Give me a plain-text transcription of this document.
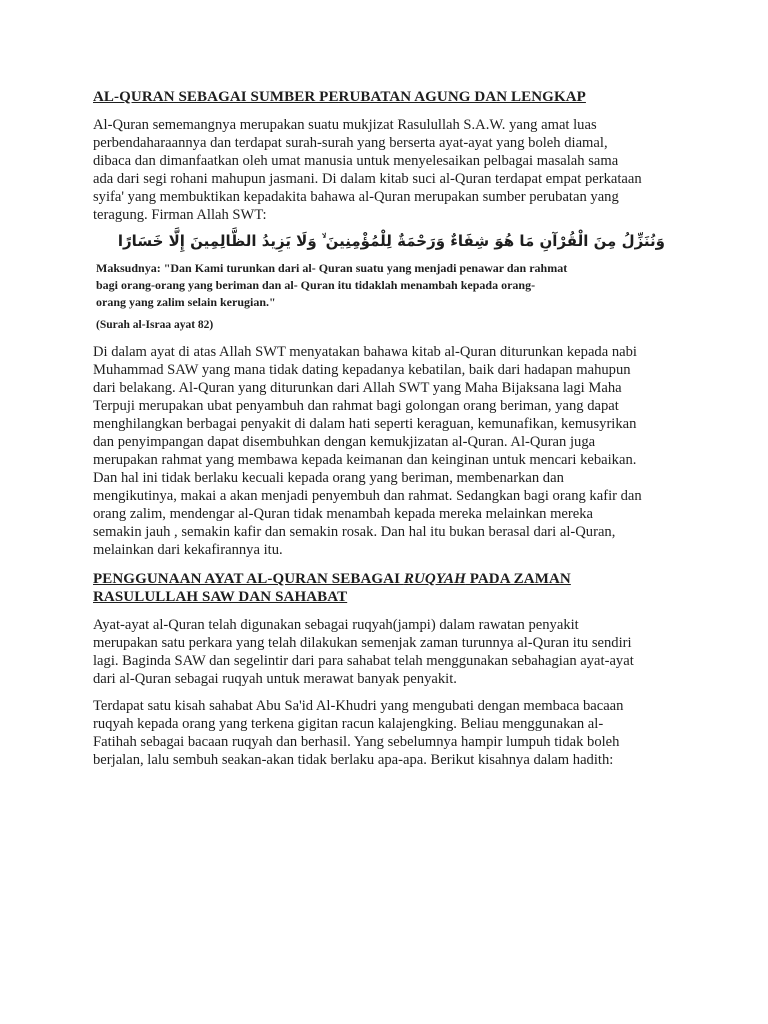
AL-QURAN SEBAGAI SUMBER PERUBATAN AGUNG DAN LENGKAP
Al-Quran sememangnya merupakan suatu mukjizat Rasulullah S.A.W. yang amat luas
perbendaharaannya dan terdapat surah-surah yang berserta ayat-ayat yang boleh diamal,
dibaca dan dimanfaatkan oleh umat manusia untuk menyelesaikan pelbagai masalah sama
ada dari segi rohani mahupun jasmani. Di dalam kitab suci al-Quran terdapat empat perkataan
syifa' yang membuktikan kepadakita bahawa al-Quran merupakan sumber perubatan yang
teragung. Firman Allah SWT:
وَنُنَزِّلُ مِنَ الْقُرْآنِ مَا هُوَ شِفَاءٌ وَرَحْمَةٌ لِلْمُؤْمِنِينَ ۙ وَلَا يَزِيدُ الظَّالِمِينَ إِلَّا خَسَارًا
Maksudnya: "Dan Kami turunkan dari al- Quran suatu yang menjadi penawar dan rahmat
bagi orang-orang yang beriman dan al- Quran itu tidaklah menambah kepada orang-
orang yang zalim selain kerugian."
(Surah al-Israa ayat 82)
Di dalam ayat di atas Allah SWT menyatakan bahawa kitab al-Quran diturunkan kepada nabi
Muhammad SAW yang mana tidak dating kepadanya kebatilan, baik dari hadapan mahupun
dari belakang. Al-Quran yang diturunkan dari Allah SWT yang Maha Bijaksana lagi Maha
Terpuji merupakan ubat penyambuh dan rahmat bagi golongan orang beriman, yang dapat
menghilangkan berbagai penyakit di dalam hati seperti keraguan, kemunafikan, kemusyrikan
dan penyimpangan dapat disembuhkan dengan kemukjizatan al-Quran. Al-Quran juga
merupakan rahmat yang membawa kepada keimanan dan keinginan untuk mencari kebaikan.
Dan hal ini tidak berlaku kecuali kepada orang yang beriman, membenarkan dan
mengikutinya, makai a akan menjadi penyembuh dan rahmat. Sedangkan bagi orang kafir dan
orang zalim, mendengar al-Quran tidak menambah kepada mereka melainkan mereka
semakin jauh , semakin kafir dan semakin rosak. Dan hal itu bukan berasal dari al-Quran,
melainkan dari kekafirannya itu.
PENGGUNAAN AYAT AL-QURAN SEBAGAI RUQYAH PADA ZAMAN
RASULULLAH SAW DAN SAHABAT
Ayat-ayat al-Quran telah digunakan sebagai ruqyah(jampi) dalam rawatan penyakit
merupakan satu perkara yang telah dilakukan semenjak zaman turunnya al-Quran itu sendiri
lagi. Baginda SAW dan segelintir dari para sahabat telah menggunakan sebahagian ayat-ayat
dari al-Quran sebagai ruqyah untuk merawat banyak penyakit.
Terdapat satu kisah sahabat Abu Sa'id Al-Khudri yang mengubati dengan membaca bacaan
ruqyah kepada orang yang terkena gigitan racun kalajengking. Beliau menggunakan al-
Fatihah sebagai bacaan ruqyah dan berhasil. Yang sebelumnya hampir lumpuh tidak boleh
berjalan, lalu sembuh seakan-akan tidak berlaku apa-apa. Berikut kisahnya dalam hadith:
